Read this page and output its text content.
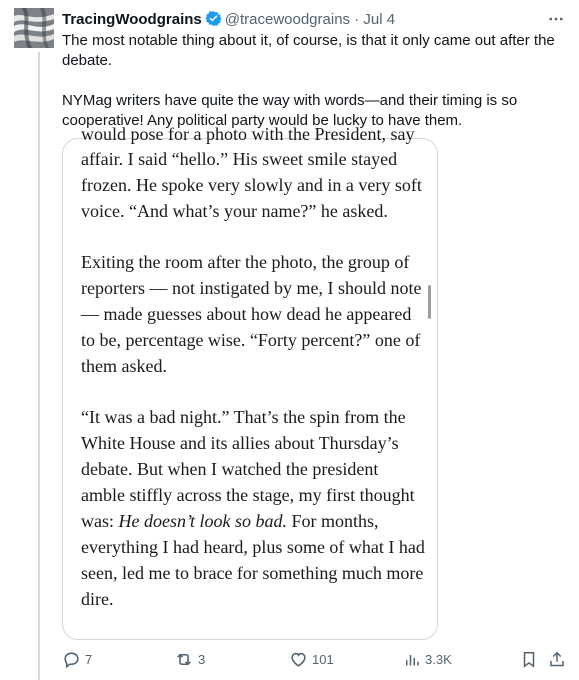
TracingWoodgrains @tracewoodgrains · Jul 4

The most notable thing about it, of course, is that it only came out after the debate.

NYMag writers have quite the way with words—and their timing is so cooperative! Any political party would be lucky to have them.

would pose for a photo with the President, say

affair. I said “hello.” His sweet smile stayed frozen. He spoke very slowly and in a very soft voice. “And what’s your name?” he asked.

Exiting the room after the photo, the group of reporters — not instigated by me, I should note — made guesses about how dead he appeared to be, percentage wise. “Forty percent?” one of them asked.

“It was a bad night.” That’s the spin from the White House and its allies about Thursday’s debate. But when I watched the president amble stiffly across the stage, my first thought was: He doesn’t look so bad. For months, everything I had heard, plus some of what I had seen, led me to brace for something much more dire.

7	3	101	3.3K
